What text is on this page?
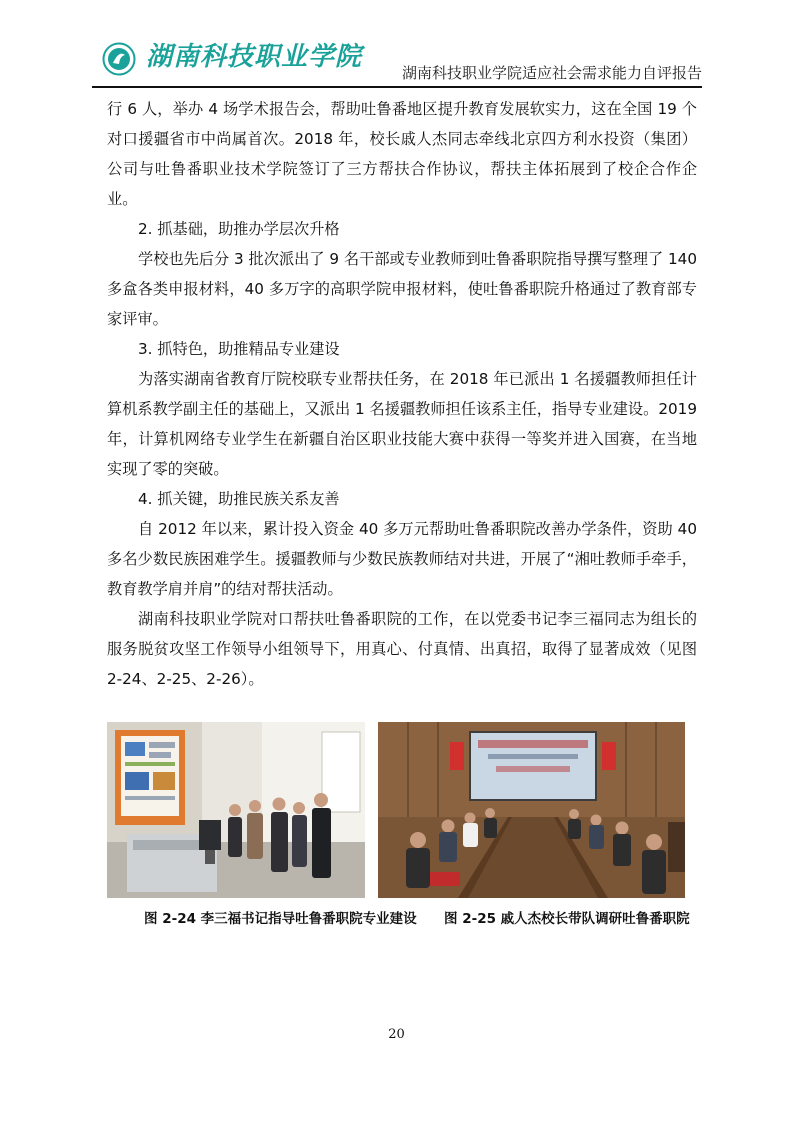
湖南科技职业学院
湖南科技职业学院适应社会需求能力自评报告

行 6 人，举办 4 场学术报告会，帮助吐鲁番地区提升教育发展软实力，这在全国 19 个对口援疆省市中尚属首次。2018 年，校长戚人杰同志牵线北京四方利水投资（集团）公司与吐鲁番职业技术学院签订了三方帮扶合作协议，帮扶主体拓展到了校企合作企业。

2. 抓基础，助推办学层次升格

学校也先后分 3 批次派出了 9 名干部或专业教师到吐鲁番职院指导撰写整理了 140 多盒各类申报材料，40 多万字的高职学院申报材料，使吐鲁番职院升格通过了教育部专家评审。

3. 抓特色，助推精品专业建设

为落实湖南省教育厅院校联专业帮扶任务，在 2018 年已派出 1 名援疆教师担任计算机系教学副主任的基础上，又派出 1 名援疆教师担任该系主任，指导专业建设。2019 年，计算机网络专业学生在新疆自治区职业技能大赛中获得一等奖并进入国赛，在当地实现了零的突破。

4. 抓关键，助推民族关系友善

自 2012 年以来，累计投入资金 40 多万元帮助吐鲁番职院改善办学条件，资助 40 多名少数民族困难学生。援疆教师与少数民族教师结对共进，开展了“湘吐教师手牵手，教育教学肩并肩”的结对帮扶活动。

湖南科技职业学院对口帮扶吐鲁番职院的工作，在以党委书记李三福同志为组长的服务脱贫攻坚工作领导小组领导下，用真心、付真情、出真招，取得了显著成效（见图 2-24、2-25、2-26）。

图 2-24 李三福书记指导吐鲁番职院专业建设 图 2-25 戚人杰校长带队调研吐鲁番职院
20
